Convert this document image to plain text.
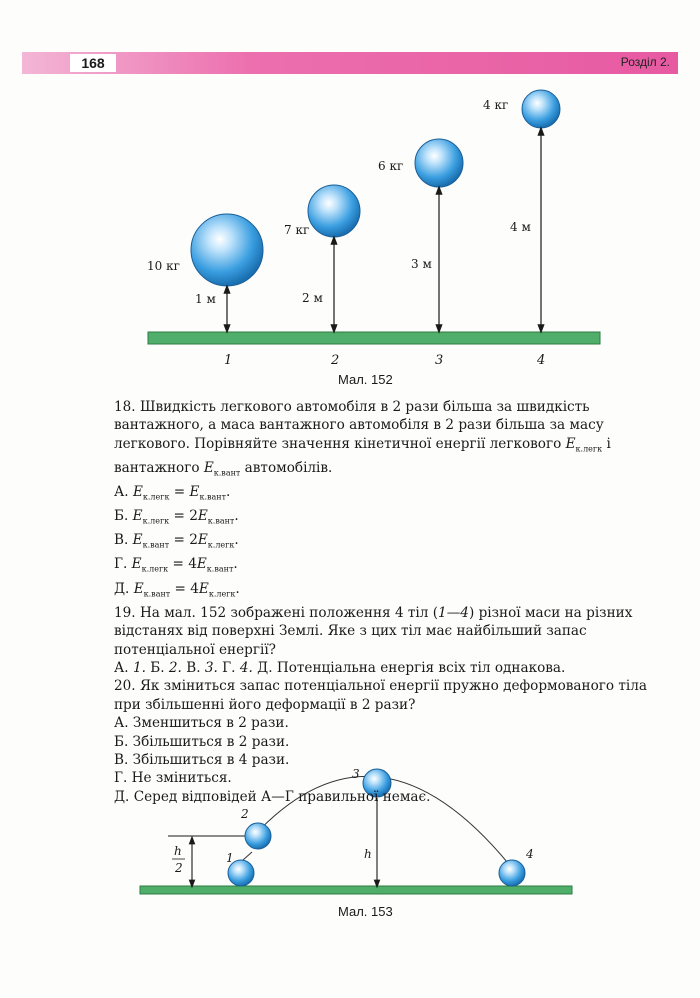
168	Розділ 2.
10 кг
1 м
7 кг
2 м
6 кг
3 м
4 кг
4 м
1	2	3	4
Мал. 152
1
2
3
4
h
h
2
Мал. 153

18. Швидкість легкового автомобіля в 2 рази більша за швидкість вантажного, а маса вантажного автомобіля в 2 рази більша за масу легкового. Порівняйте значення кінетичної енергії легкового $E_{к.легк}$ і вантажного $E_{к.вант}$ автомобілів.

А. $E_{к.легк} = E_{к.вант}$.
Б. $E_{к.легк} = 2E_{к.вант}$.
В. $E_{к.вант} = 2E_{к.легк}$.
Г. $E_{к.легк} = 4E_{к.вант}$.
Д. $E_{к.вант} = 4E_{к.легк}$.

19. На мал. 152 зображені положення 4 тіл (1—4) різної маси на різних відстанях від поверхні Землі. Яке з цих тіл має найбільший запас потенціальної енергії?

А. 1. Б. 2. В. 3. Г. 4. Д. Потенціальна енергія всіх тіл однакова.

20. Як зміниться запас потенціальної енергії пружно деформованого тіла при збільшенні його деформації в 2 рази?

А. Зменшиться в 2 рази.
Б. Збільшиться в 2 рази.
В. Збільшиться в 4 рази.
Г. Не зміниться.
Д. Серед відповідей А—Г правильної немає.
